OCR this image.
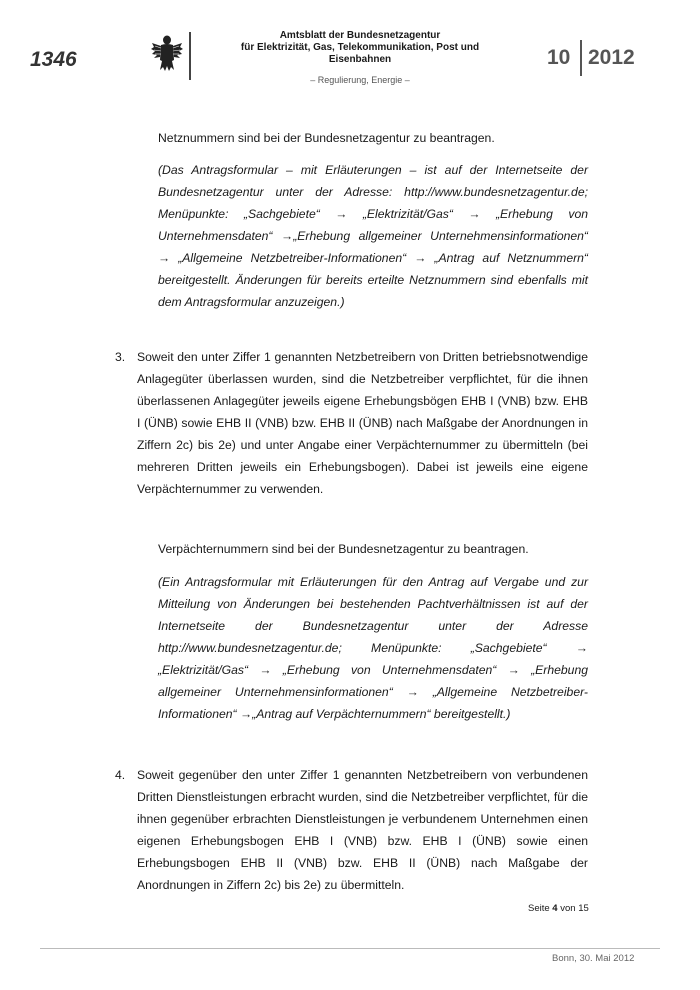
1346
Amtsblatt der Bundesnetzagentur
für Elektrizität, Gas, Telekommunikation, Post und Eisenbahnen
– Regulierung, Energie –
10 2012
Netznummern sind bei der Bundesnetzagentur zu beantragen.
(Das Antragsformular – mit Erläuterungen – ist auf der Internetseite der Bundesnetzagentur unter der Adresse: http://www.bundesnetzagentur.de; Menüpunkte: „Sachgebiete“ → „Elektrizität/Gas“ → „Erhebung von Unternehmensdaten“ →„Erhebung allgemeiner Unternehmensinformationen“ → „Allgemeine Netzbetreiber-Informationen“ → „Antrag auf Netznummern“ bereitgestellt. Änderungen für bereits erteilte Netznummern sind ebenfalls mit dem Antragsformular anzuzeigen.)
3. Soweit den unter Ziffer 1 genannten Netzbetreibern von Dritten betriebsnotwendige Anlagegüter überlassen wurden, sind die Netzbetreiber verpflichtet, für die ihnen überlassenen Anlagegüter jeweils eigene Erhebungsbögen EHB I (VNB) bzw. EHB I (ÜNB) sowie EHB II (VNB) bzw. EHB II (ÜNB) nach Maßgabe der Anordnungen in Ziffern 2c) bis 2e) und unter Angabe einer Verpächternummer zu übermitteln (bei mehreren Dritten jeweils ein Erhebungsbogen). Dabei ist jeweils eine eigene Verpächternummer zu verwenden.
Verpächternummern sind bei der Bundesnetzagentur zu beantragen.
(Ein Antragsformular mit Erläuterungen für den Antrag auf Vergabe und zur Mitteilung von Änderungen bei bestehenden Pachtverhältnissen ist auf der Internetseite der Bundesnetzagentur unter der Adresse http://www.bundesnetzagentur.de; Menüpunkte: „Sachgebiete“ → „Elektrizität/Gas“ → „Erhebung von Unternehmensdaten“ → „Erhebung allgemeiner Unternehmensinformationen“ → „Allgemeine Netzbetreiber-Informationen“ →„Antrag auf Verpächternummern“ bereitgestellt.)
4. Soweit gegenüber den unter Ziffer 1 genannten Netzbetreibern von verbundenen Dritten Dienstleistungen erbracht wurden, sind die Netzbetreiber verpflichtet, für die ihnen gegenüber erbrachten Dienstleistungen je verbundenem Unternehmen einen eigenen Erhebungsbogen EHB I (VNB) bzw. EHB I (ÜNB) sowie einen Erhebungsbogen EHB II (VNB) bzw. EHB II (ÜNB) nach Maßgabe der Anordnungen in Ziffern 2c) bis 2e) zu übermitteln.
Seite 4 von 15
Bonn, 30. Mai 2012
